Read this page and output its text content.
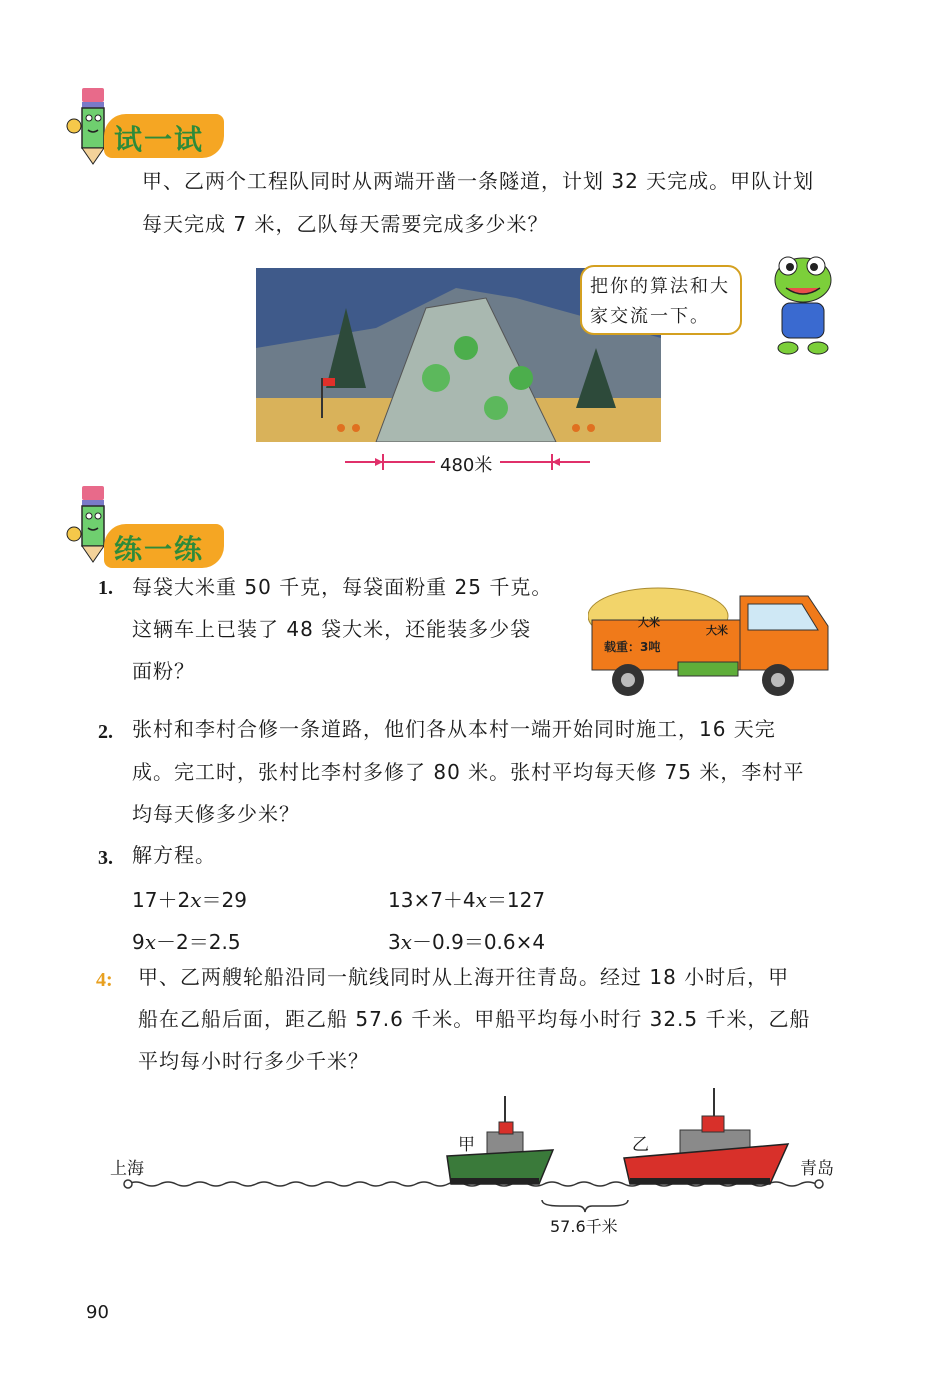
试一试
甲、乙两个工程队同时从两端开凿一条隧道，计划 32 天完成。甲队计划
每天完成 7 米，乙队每天需要完成多少米？
480米
把你的算法和大
家交流一下。
练一练
1. 每袋大米重 50 千克，每袋面粉重 25 千克。
这辆车上已装了 48 袋大米，还能装多少袋
面粉？
大米
大米
载重：3吨
2. 张村和李村合修一条道路，他们各从本村一端开始同时施工，16 天完
成。完工时，张村比李村多修了 80 米。张村平均每天修 75 米，李村平
均每天修多少米？
3. 解方程。
17＋2x＝29	13×7＋4x＝127
9x－2＝2.5	3x－0.9＝0.6×4
4: 甲、乙两艘轮船沿同一航线同时从上海开往青岛。经过 18 小时后，甲
船在乙船后面，距乙船 57.6 千米。甲船平均每小时行 32.5 千米，乙船
平均每小时行多少千米？
上海	青岛
甲	乙
57.6千米
90
